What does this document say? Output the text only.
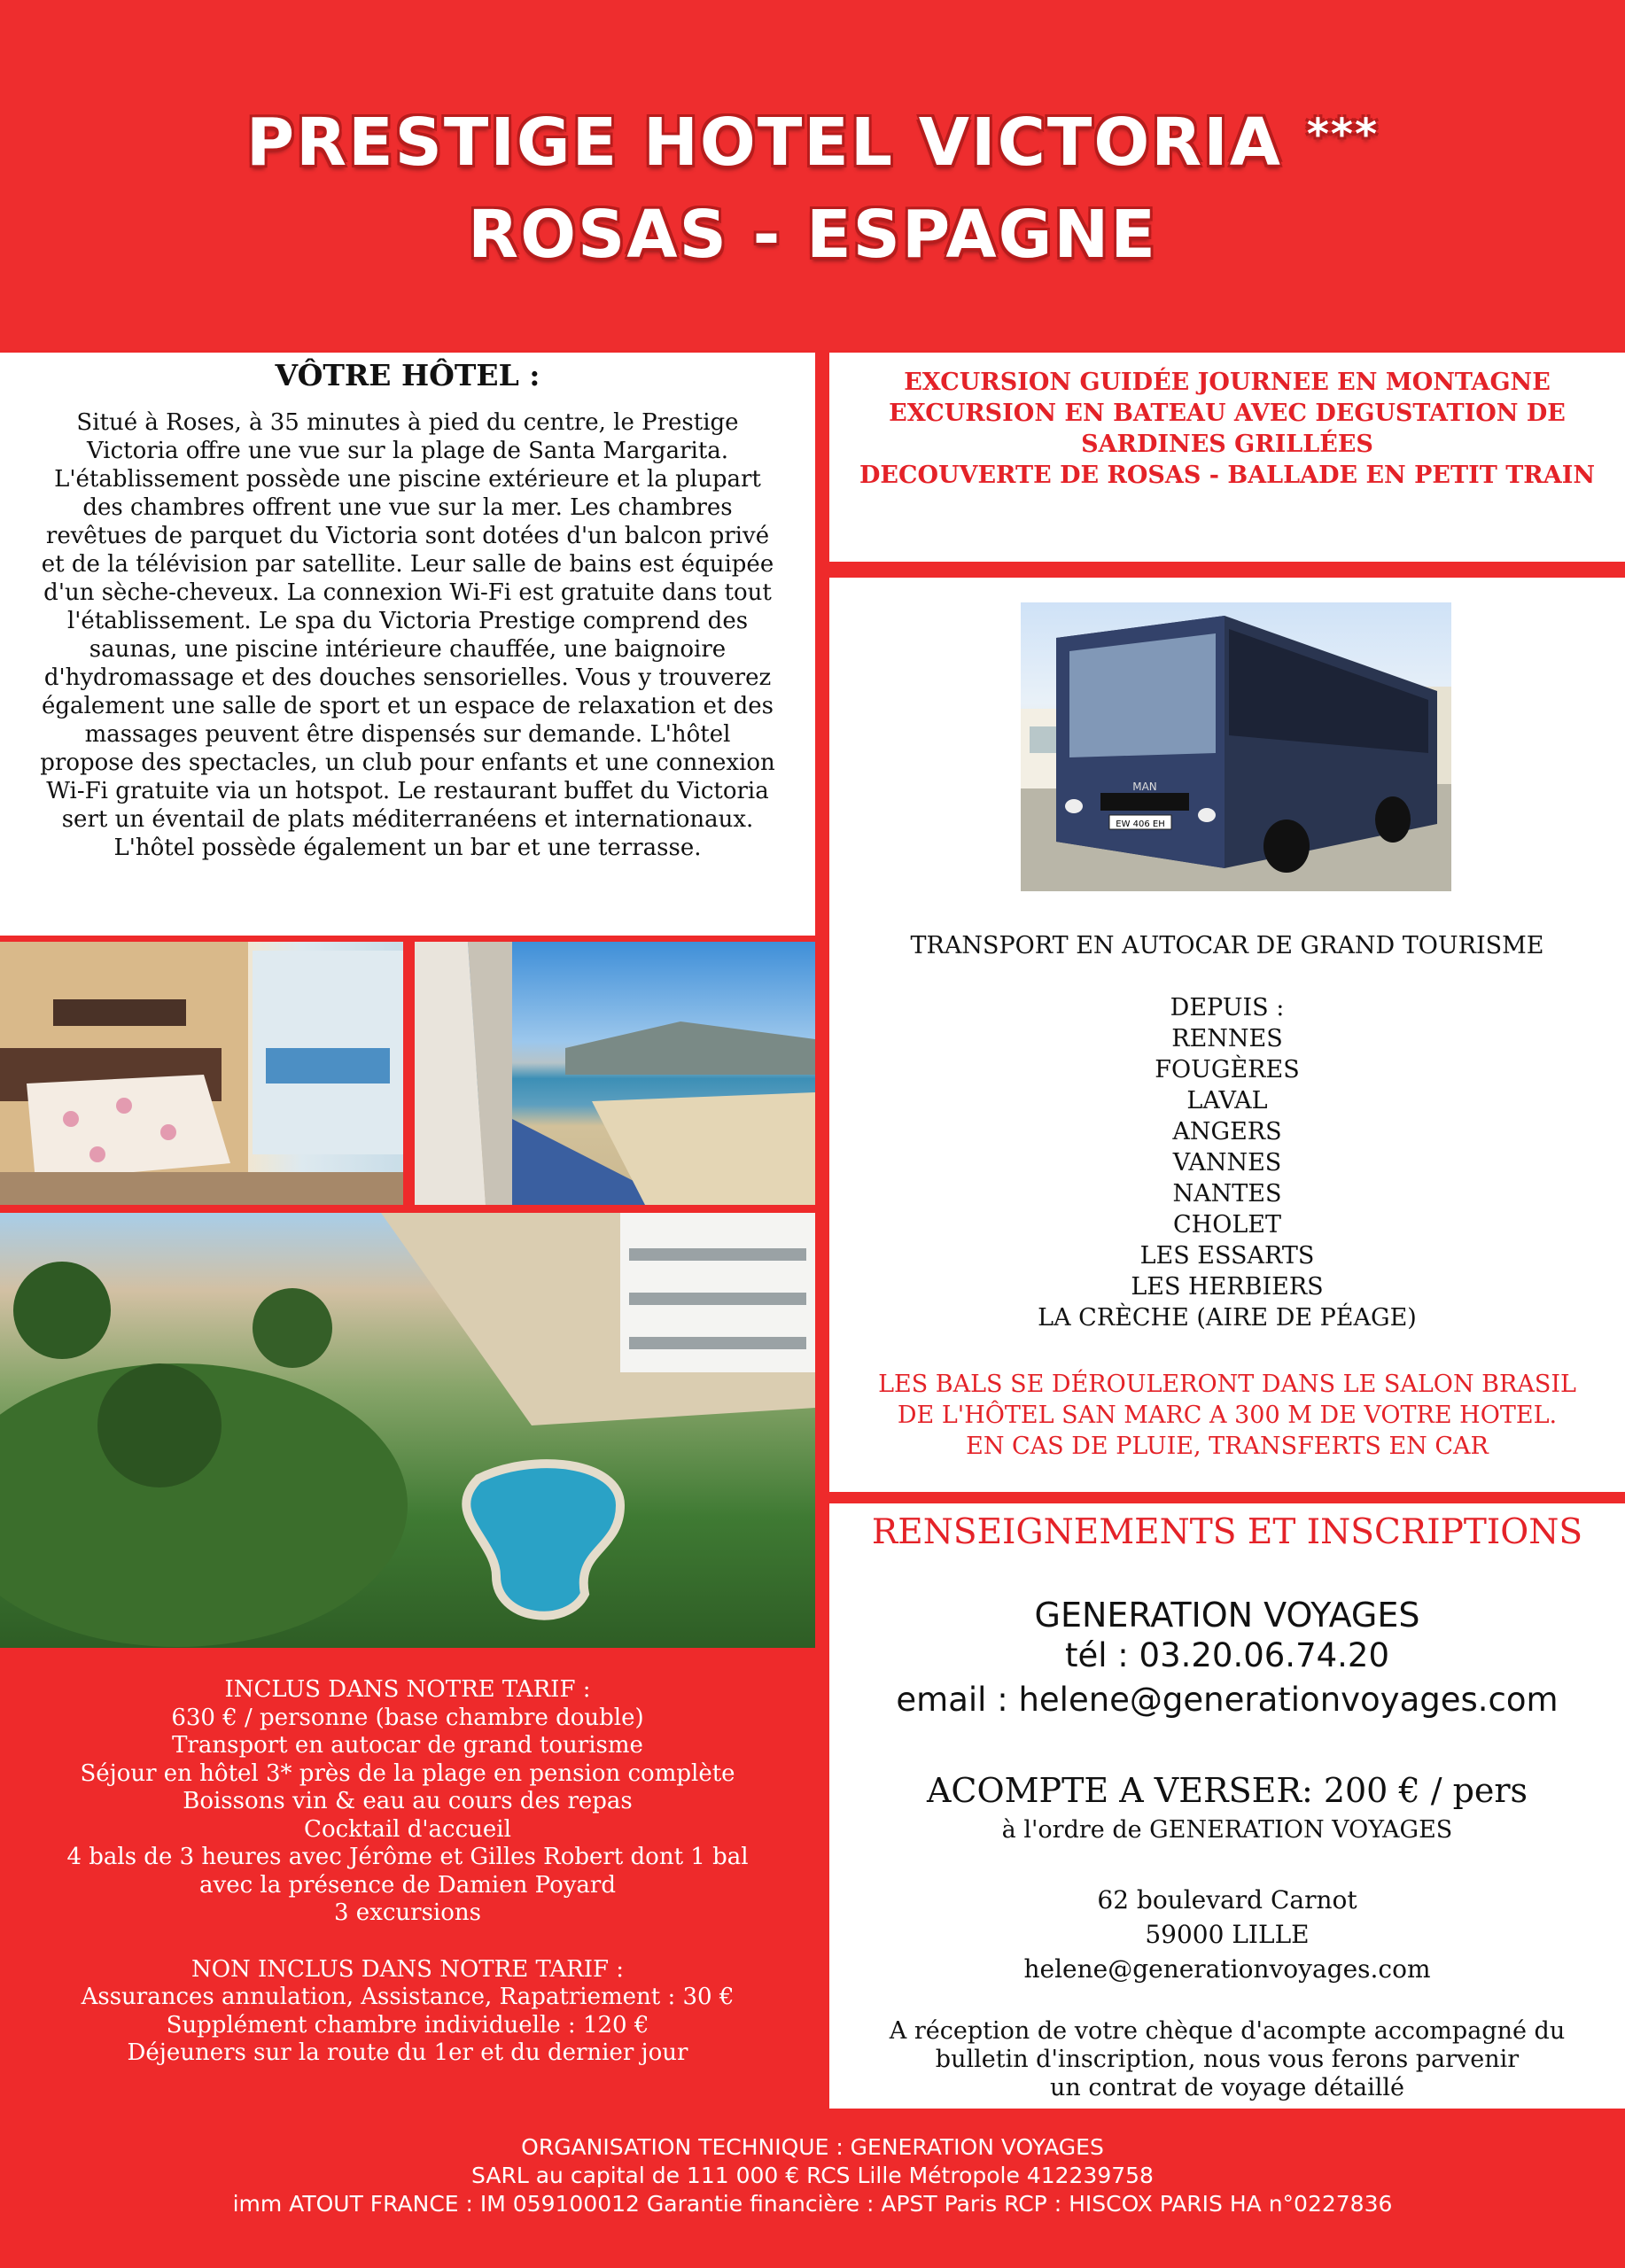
PRESTIGE HOTEL VICTORIA ***
ROSAS - ESPAGNE
VÔTRE HÔTEL :
Situé à Roses, à 35 minutes à pied du centre, le Prestige Victoria offre une vue sur la plage de Santa Margarita. L'établissement possède une piscine extérieure et la plupart des chambres offrent une vue sur la mer. Les chambres revêtues de parquet du Victoria sont dotées d'un balcon privé et de la télévision par satellite. Leur salle de bains est équipée d'un sèche-cheveux. La connexion Wi-Fi est gratuite dans tout l'établissement. Le spa du Victoria Prestige comprend des saunas, une piscine intérieure chauffée, une baignoire d'hydromassage et des douches sensorielles. Vous y trouverez également une salle de sport et un espace de relaxation et des massages peuvent être dispensés sur demande. L'hôtel propose des spectacles, un club pour enfants et une connexion Wi-Fi gratuite via un hotspot. Le restaurant buffet du Victoria sert un éventail de plats méditerranéens et internationaux. L'hôtel possède également un bar et une terrasse.
EXCURSION GUIDÉE JOURNEE EN MONTAGNE
EXCURSION EN BATEAU AVEC DEGUSTATION DE SARDINES GRILLÉES
DECOUVERTE DE ROSAS - BALLADE EN PETIT TRAIN
EW 406 EH
MAN
TRANSPORT EN AUTOCAR DE GRAND TOURISME
DEPUIS :
RENNES
FOUGÈRES
LAVAL
ANGERS
VANNES
NANTES
CHOLET
LES ESSARTS
LES HERBIERS
LA CRÈCHE (AIRE DE PÉAGE)
LES BALS SE DÉROULERONT DANS LE SALON BRASIL
DE L'HÔTEL SAN MARC A 300 M DE VOTRE HOTEL.
EN CAS DE PLUIE, TRANSFERTS EN CAR
RENSEIGNEMENTS ET INSCRIPTIONS
GENERATION VOYAGES
tél : 03.20.06.74.20
email : helene@generationvoyages.com
ACOMPTE A VERSER: 200 € / pers
à l'ordre de GENERATION VOYAGES
62 boulevard Carnot
59000 LILLE
helene@generationvoyages.com
A réception de votre chèque d'acompte accompagné du
bulletin d'inscription, nous vous ferons parvenir
un contrat de voyage détaillé
INCLUS DANS NOTRE TARIF :
630 € / personne (base chambre double)
Transport en autocar de grand tourisme
Séjour en hôtel 3* près de la plage en pension complète
Boissons vin & eau au cours des repas
Cocktail d'accueil
4 bals de 3 heures avec Jérôme et Gilles Robert dont 1 bal
avec la présence de Damien Poyard
3 excursions
NON INCLUS DANS NOTRE TARIF :
Assurances annulation, Assistance, Rapatriement : 30 €
Supplément chambre individuelle : 120 €
Déjeuners sur la route du 1er et du dernier jour
ORGANISATION TECHNIQUE : GENERATION VOYAGES
SARL au capital de 111 000 € RCS Lille Métropole 412239758
imm ATOUT FRANCE : IM 059100012 Garantie financière : APST Paris RCP : HISCOX PARIS HA n°0227836
